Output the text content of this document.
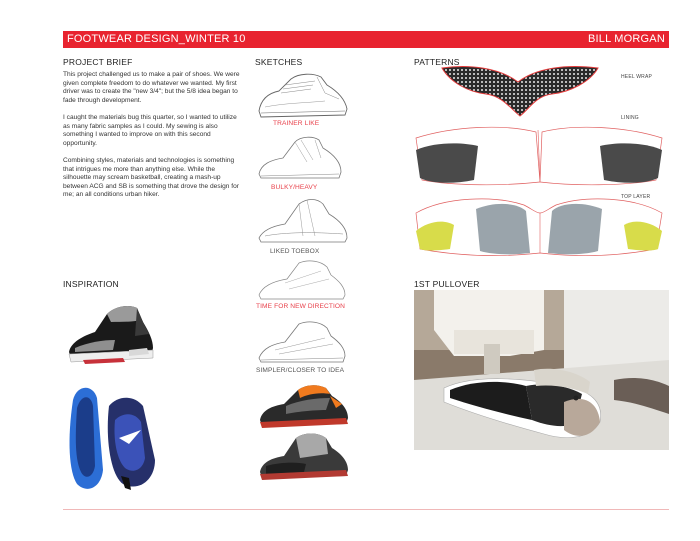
FOOTWEAR DESIGN_WINTER 10	BILL MORGAN
PROJECT BRIEF

This project challenged us to make a pair of shoes. We were given complete freedom to do whatever we wanted. My first driver was to create the "new 3/4"; but the 5/8 idea began to fade through development.

I caught the materials bug this quarter, so I wanted to utilize as many fabric samples as I could. My sewing is also something I wanted to improve on with this second opportunity.

Combining styles, materials and technologies is something that intrigues me more than anything else. While the silhouette may scream basketball, creating a mash-up between ACG and SB is something that drove the design for me; an all conditions urban hiker.

INSPIRATION
SKETCHES
TRAINER LIKE
BULKY/HEAVY
LIKED TOEBOX
TIME FOR NEW DIRECTION
SIMPLER/CLOSER TO IDEA
PATTERNS
HEEL WRAP
LINING
TOP LAYER
1ST PULLOVER
